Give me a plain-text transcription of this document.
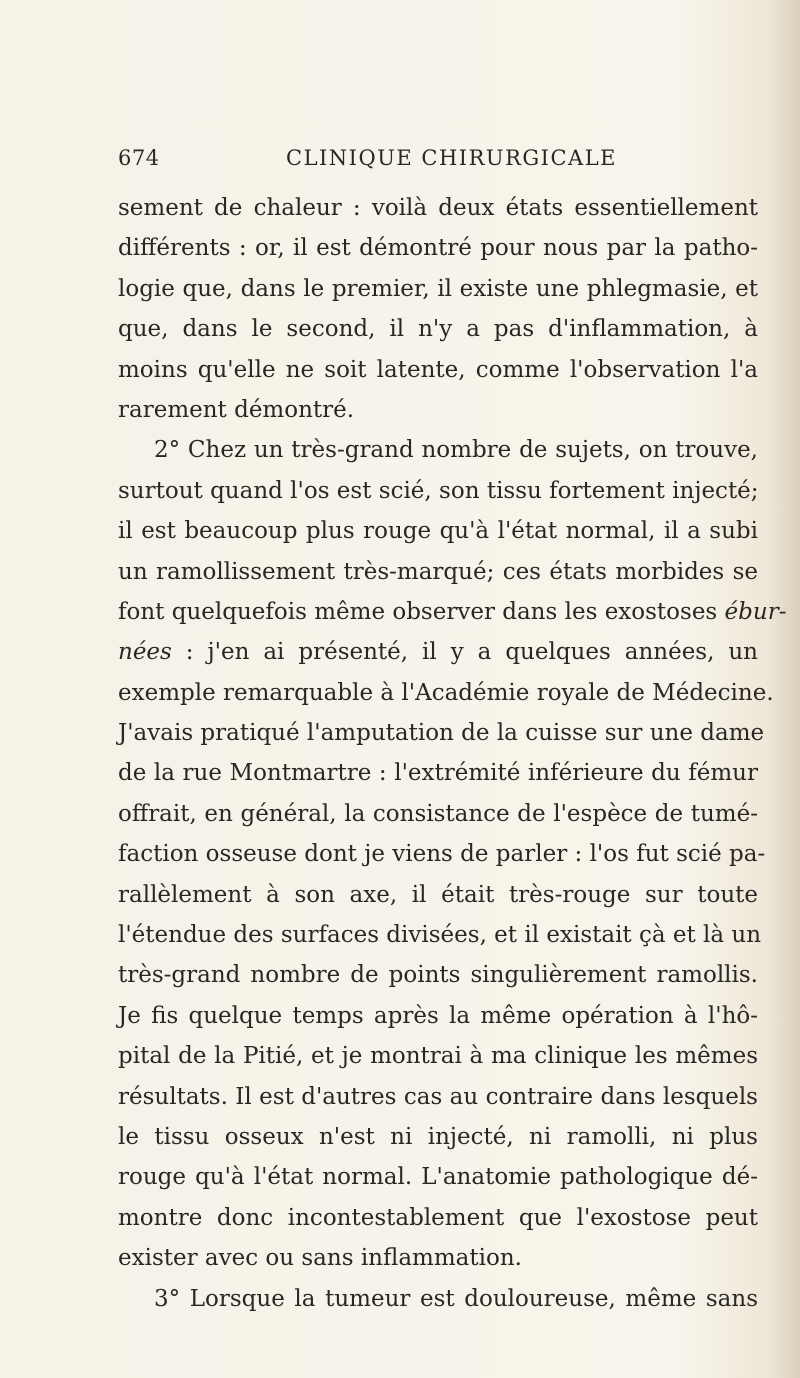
674	CLINIQUE CHIRURGICALE
sement de chaleur : voilà deux états essentiellement
différents : or, il est démontré pour nous par la patho-
logie que, dans le premier, il existe une phlegmasie, et
que, dans le second, il n'y a pas d'inflammation, à
moins qu'elle ne soit latente, comme l'observation l'a
rarement démontré.
2° Chez un très-grand nombre de sujets, on trouve,
surtout quand l'os est scié, son tissu fortement injecté;
il est beaucoup plus rouge qu'à l'état normal, il a subi
un ramollissement très-marqué; ces états morbides se
font quelquefois même observer dans les exostoses ébur-
nées : j'en ai présenté, il y a quelques années, un
exemple remarquable à l'Académie royale de Médecine.
J'avais pratiqué l'amputation de la cuisse sur une dame
de la rue Montmartre : l'extrémité inférieure du fémur
offrait, en général, la consistance de l'espèce de tumé-
faction osseuse dont je viens de parler : l'os fut scié pa-
rallèlement à son axe, il était très-rouge sur toute
l'étendue des surfaces divisées, et il existait çà et là un
très-grand nombre de points singulièrement ramollis.
Je fis quelque temps après la même opération à l'hô-
pital de la Pitié, et je montrai à ma clinique les mêmes
résultats. Il est d'autres cas au contraire dans lesquels
le tissu osseux n'est ni injecté, ni ramolli, ni plus
rouge qu'à l'état normal. L'anatomie pathologique dé-
montre donc incontestablement que l'exostose peut
exister avec ou sans inflammation.
3° Lorsque la tumeur est douloureuse, même sans
